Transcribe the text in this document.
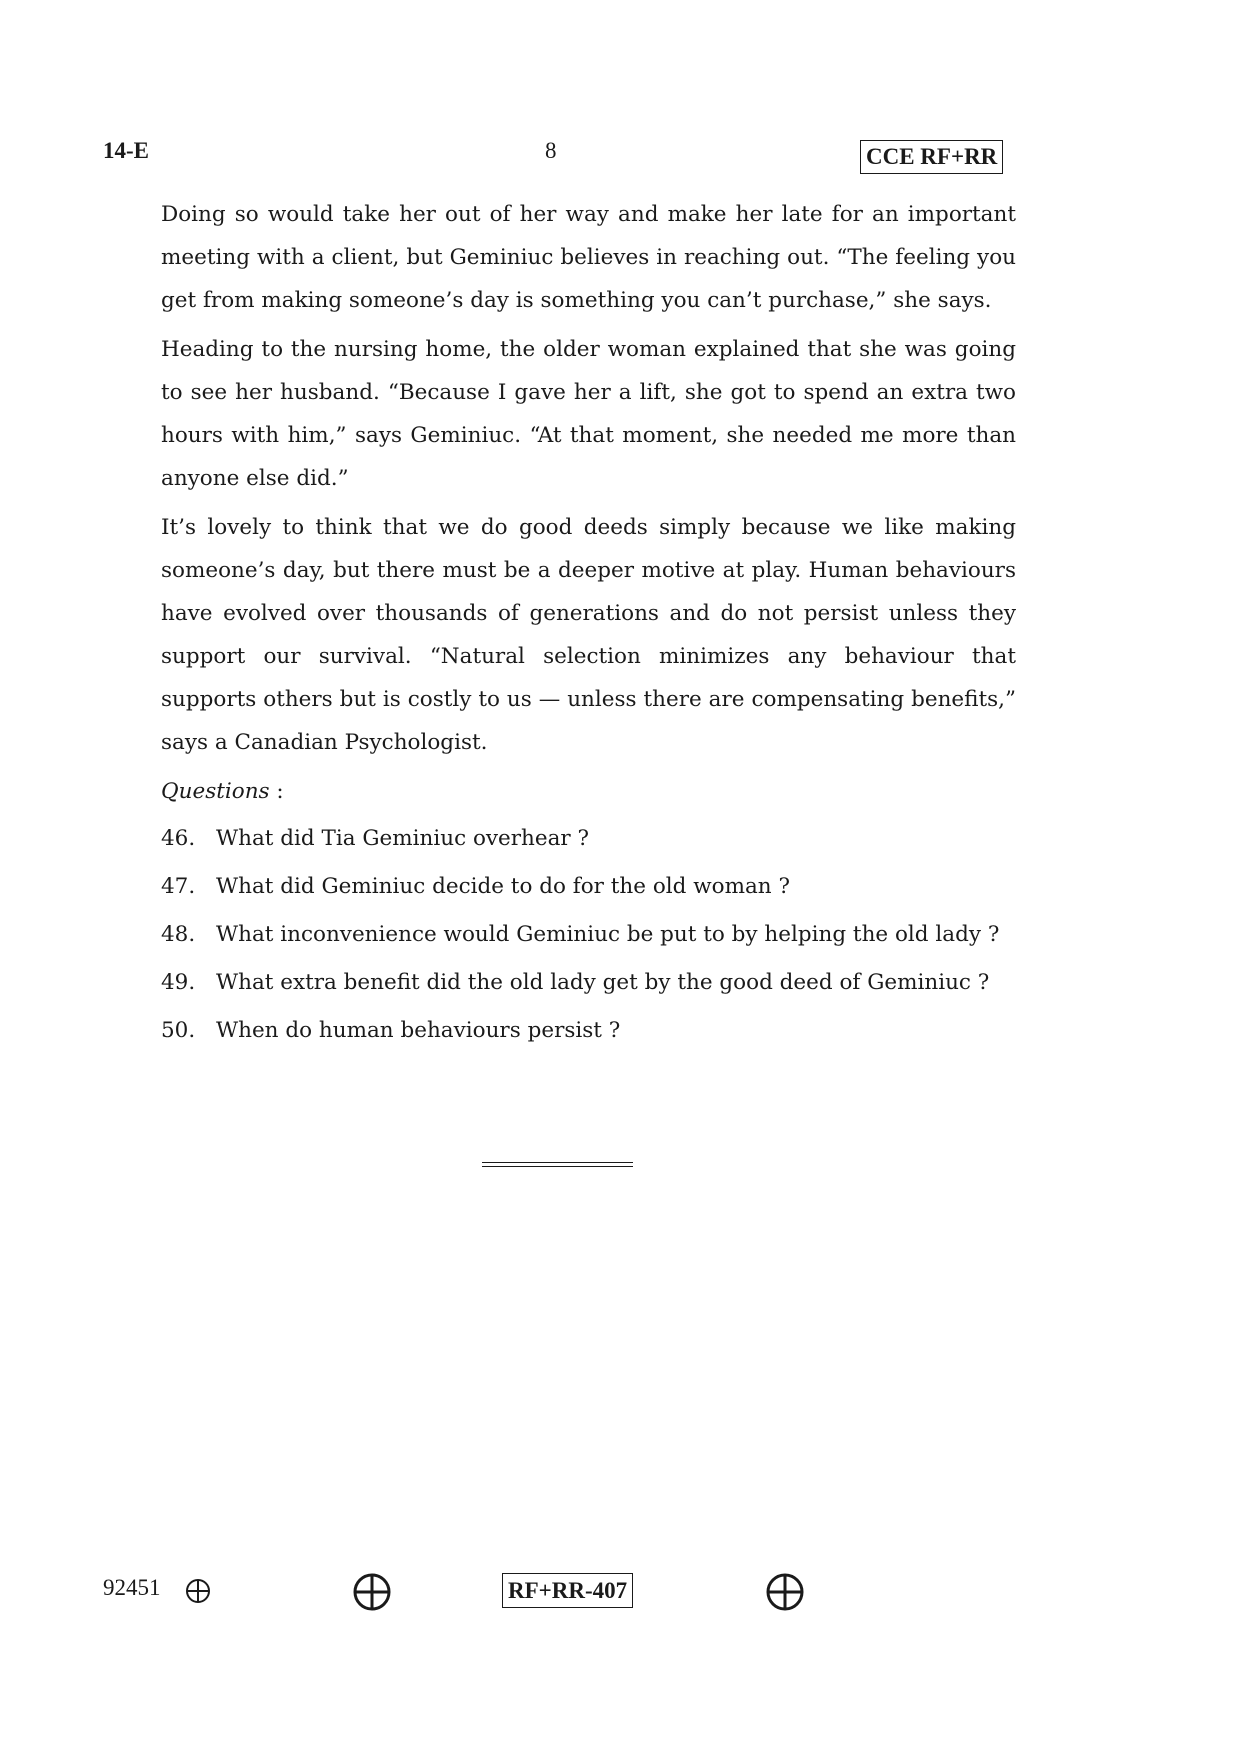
14-E	8	CCE RF+RR

Doing so would take her out of her way and make her late for an important meeting with a client, but Geminiuc believes in reaching out. “The feeling you get from making someone’s day is something you can’t purchase,” she says.

Heading to the nursing home, the older woman explained that she was going to see her husband. “Because I gave her a lift, she got to spend an extra two hours with him,” says Geminiuc. “At that moment, she needed me more than anyone else did.”

It’s lovely to think that we do good deeds simply because we like making someone’s day, but there must be a deeper motive at play. Human behaviours have evolved over thousands of generations and do not persist unless they support our survival. “Natural selection minimizes any behaviour that supports others but is costly to us — unless there are compensating benefits,” says a Canadian Psychologist.

Questions :
46. What did Tia Geminiuc overhear ?
47. What did Geminiuc decide to do for the old woman ?
48. What inconvenience would Geminiuc be put to by helping the old lady ?
49. What extra benefit did the old lady get by the good deed of Geminiuc ?
50. When do human behaviours persist ?
92451	RF+RR-407
